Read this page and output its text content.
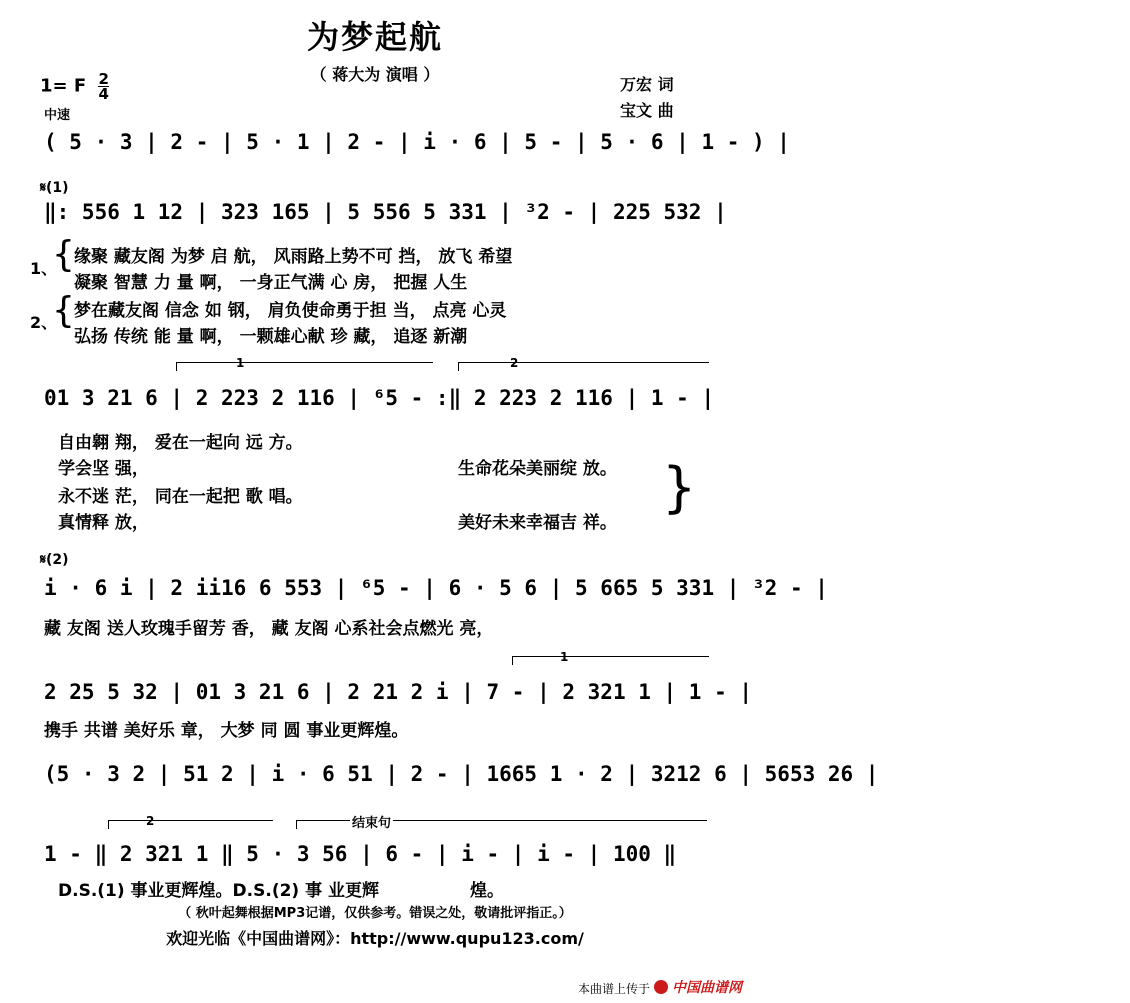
为梦起航
（ 蒋大为 演唱 ）
万宏 词
宝文 曲
1= F $\frac{2}{4}$
中速
( 5 · 3 | 2 - | 5 · 1 | 2 - | i · 6 | 5 - | 5 · 6 | 1 - ) |
𝄋(1)
‖: 556 1 12 | 323 165 | 5 556 5 331 | ³2 - | 225 532 |
1、
{ 缘聚 藏友阁 为梦 启 航， 风雨路上势不可 挡， 放飞 希望
凝聚 智慧 力 量 啊， 一身正气满 心 房， 把握 人生
2、
{ 梦在藏友阁 信念 如 钢， 肩负使命勇于担 当， 点亮 心灵
弘扬 传统 能 量 啊， 一颗雄心献 珍 藏， 追逐 新潮
1	2
01 3 21 6 | 2 223 2 116 | ⁶5 - :‖ 2 223 2 116 | 1 - |
自由翱 翔， 爱在一起向 远 方。
学会坚 强，	生命花朵美丽绽 放。
永不迷 茫， 同在一起把 歌 唱。
真情释 放，	美好未来幸福吉 祥。
}
𝄋(2)
i · 6 i | 2 ii16 6 553 | ⁶5 - | 6 · 5 6 | 5 665 5 331 | ³2 - |
藏 友阁 送人玫瑰手留芳 香， 藏 友阁 心系社会点燃光 亮，
1
2 25 5 32 | 01 3 21 6 | 2 21 2 i | 7 - | 2 321 1 | 1 - |
携手 共谱 美好乐 章， 大梦 同 圆 事业更辉煌。
(5 · 3 2 | 51 2 | i · 6 51 | 2 - | 1665 1 · 2 | 3212 6 | 5653 26 |
2	结束句
1 - ‖ 2 321 1 ‖ 5 · 3 56 | 6 - | i - | i - | 100 ‖
D.S.(1) 事业更辉煌。D.S.(2) 事 业更辉	煌。
（ 秋叶起舞根据MP3记谱，仅供参考。错误之处，敬请批评指正。）
欢迎光临《中国曲谱网》：http://www.qupu123.com/
本曲谱上传于	中国曲谱网
